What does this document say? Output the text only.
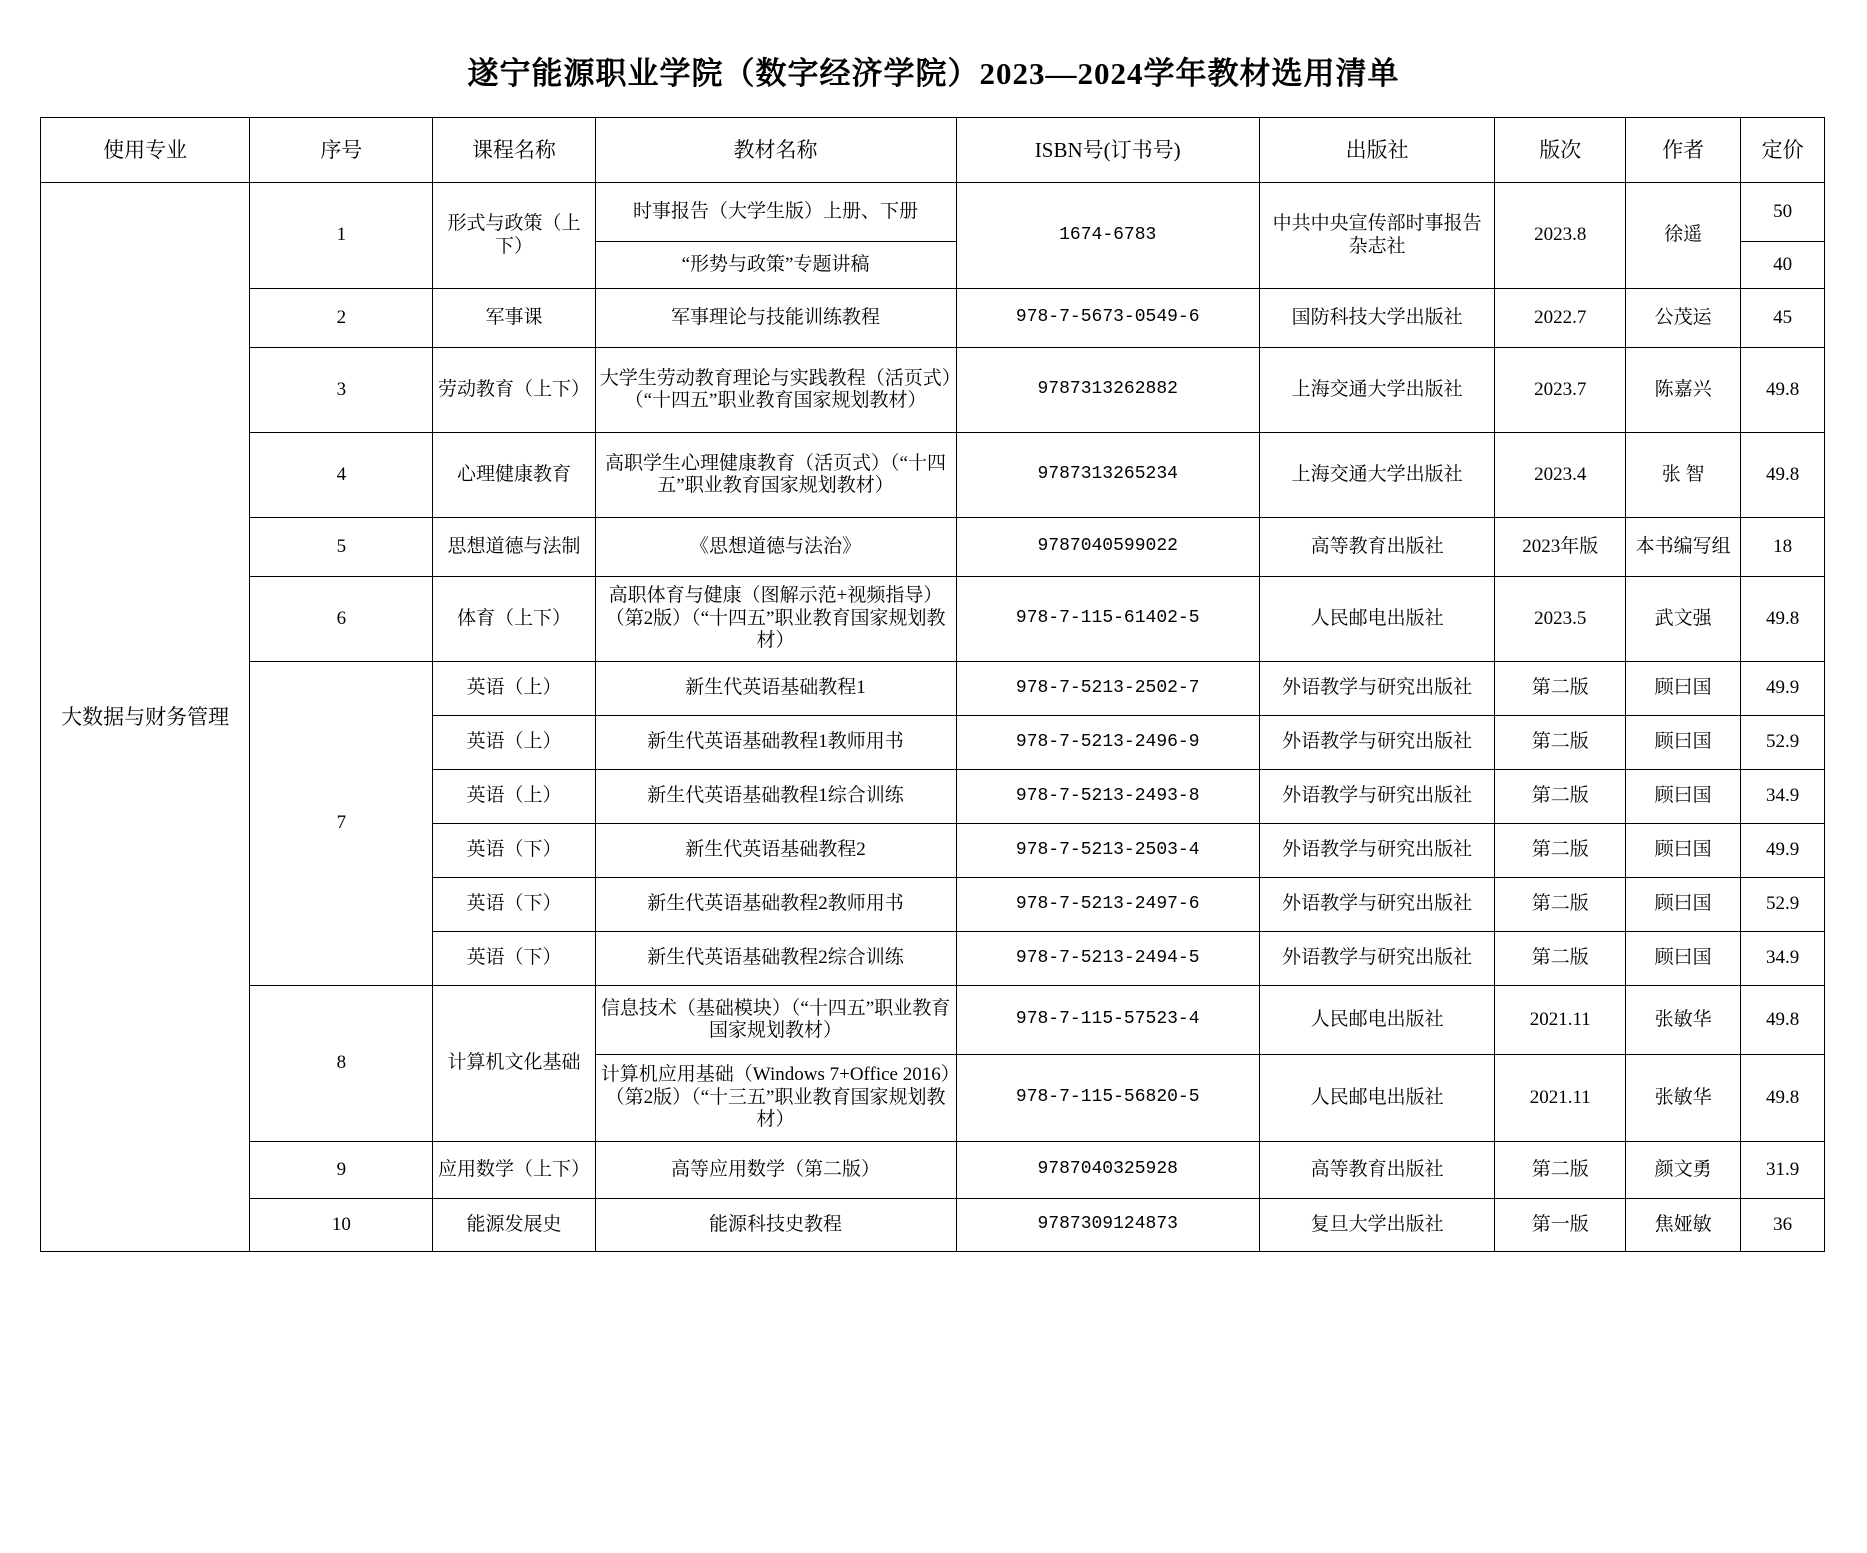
遂宁能源职业学院（数字经济学院）2023—2024学年教材选用清单
使用专业	序号	课程名称	教材名称	ISBN号(订书号)	出版社	版次	作者	定价
大数据与财务管理	1	形式与政策（上下）	时事报告（大学生版）上册、下册	1674-6783	中共中央宣传部时事报告杂志社	2023.8	徐遥	50
			“形势与政策”专题讲稿					40
	2	军事课	军事理论与技能训练教程	978-7-5673-0549-6	国防科技大学出版社	2022.7	公茂运	45
	3	劳动教育（上下）	大学生劳动教育理论与实践教程（活页式）（“十四五”职业教育国家规划教材）	9787313262882	上海交通大学出版社	2023.7	陈嘉兴	49.8
	4	心理健康教育	高职学生心理健康教育（活页式）（“十四五”职业教育国家规划教材）	9787313265234	上海交通大学出版社	2023.4	张 智	49.8
	5	思想道德与法制	《思想道德与法治》	9787040599022	高等教育出版社	2023年版	本书编写组	18
	6	体育（上下）	高职体育与健康（图解示范+视频指导）（第2版）（“十四五”职业教育国家规划教材）	978-7-115-61402-5	人民邮电出版社	2023.5	武文强	49.8
	7	英语（上）	新生代英语基础教程1	978-7-5213-2502-7	外语教学与研究出版社	第二版	顾曰国	49.9
		英语（上）	新生代英语基础教程1教师用书	978-7-5213-2496-9	外语教学与研究出版社	第二版	顾曰国	52.9
		英语（上）	新生代英语基础教程1综合训练	978-7-5213-2493-8	外语教学与研究出版社	第二版	顾曰国	34.9
		英语（下）	新生代英语基础教程2	978-7-5213-2503-4	外语教学与研究出版社	第二版	顾曰国	49.9
		英语（下）	新生代英语基础教程2教师用书	978-7-5213-2497-6	外语教学与研究出版社	第二版	顾曰国	52.9
		英语（下）	新生代英语基础教程2综合训练	978-7-5213-2494-5	外语教学与研究出版社	第二版	顾曰国	34.9
	8	计算机文化基础	信息技术（基础模块）（“十四五”职业教育国家规划教材）	978-7-115-57523-4	人民邮电出版社	2021.11	张敏华	49.8
			计算机应用基础（Windows 7+Office 2016）（第2版）（“十三五”职业教育国家规划教材）	978-7-115-56820-5	人民邮电出版社	2021.11	张敏华	49.8
	9	应用数学（上下）	高等应用数学（第二版）	9787040325928	高等教育出版社	第二版	颜文勇	31.9
	10	能源发展史	能源科技史教程	9787309124873	复旦大学出版社	第一版	焦娅敏	36
